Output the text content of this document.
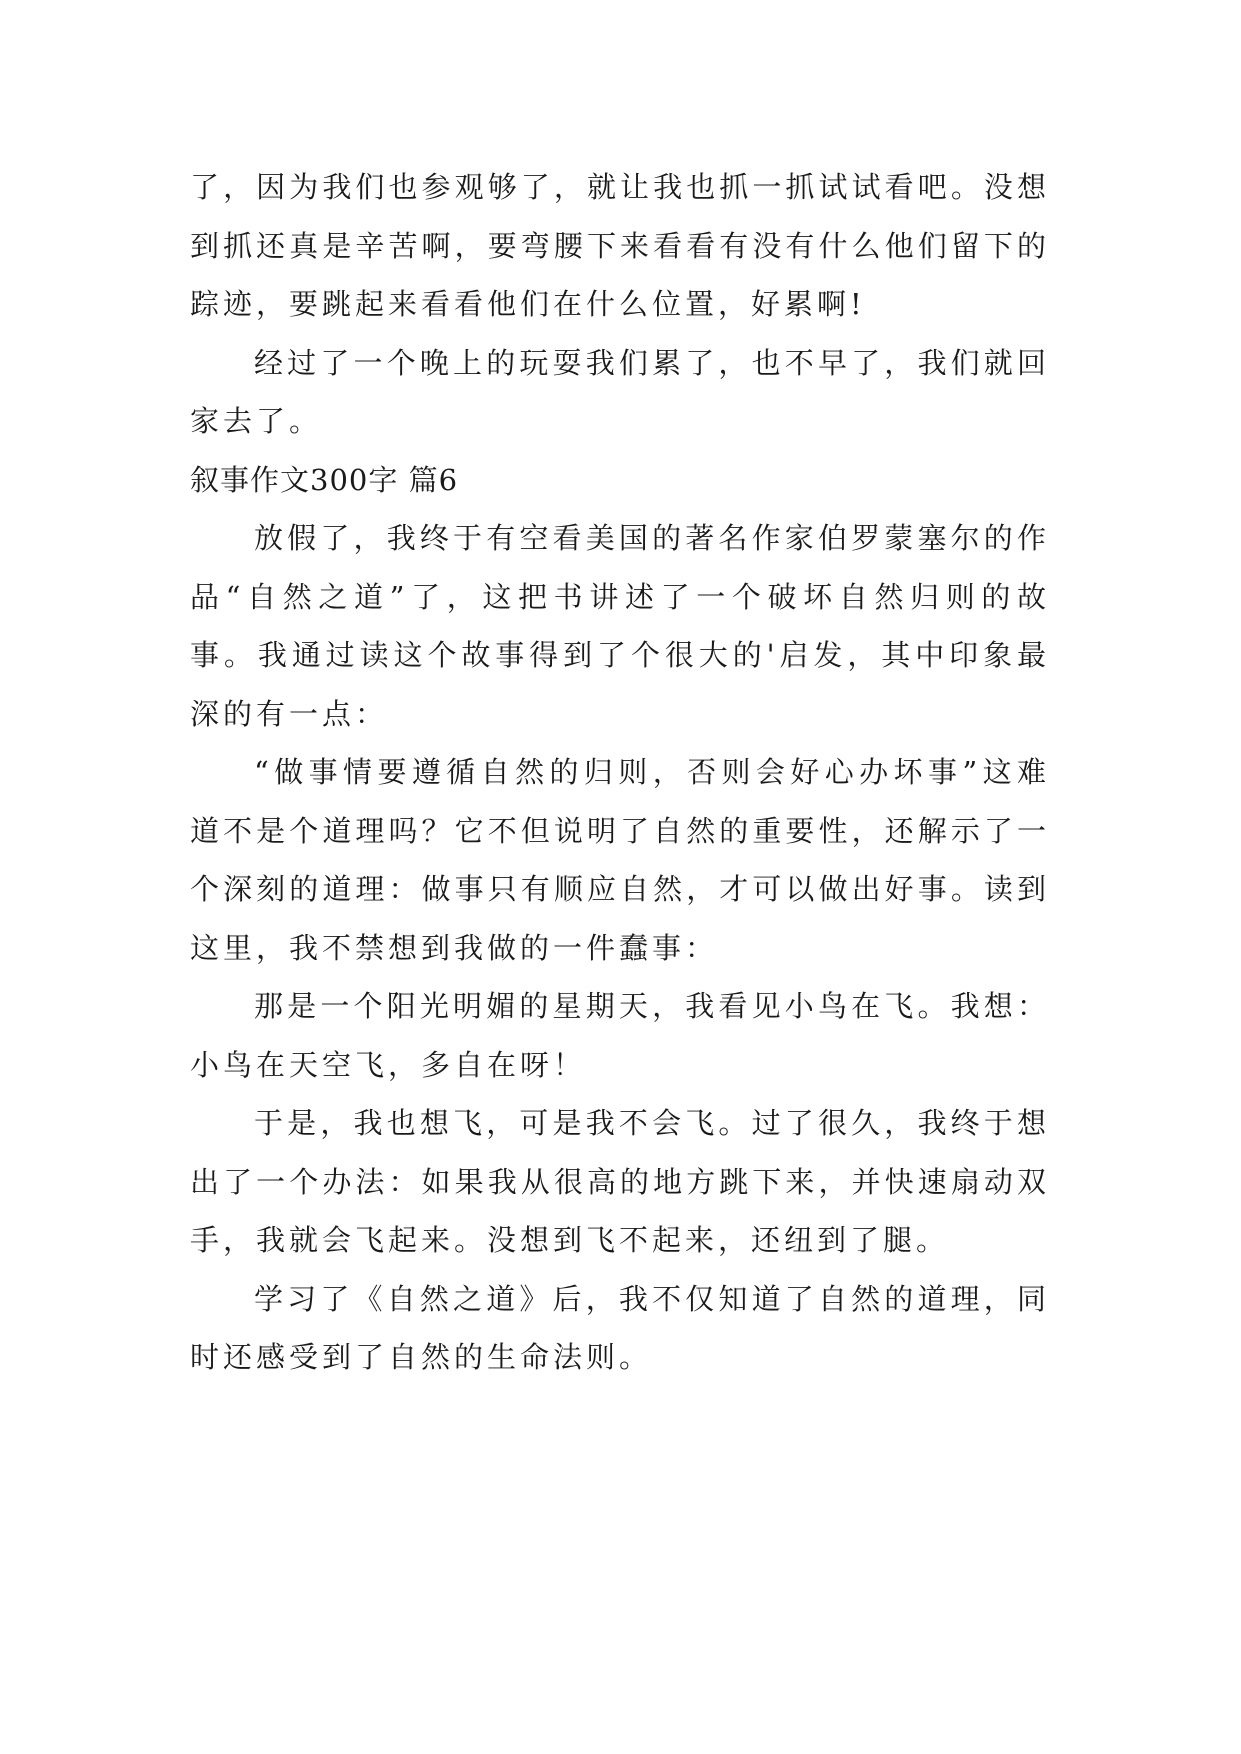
了，因为我们也参观够了，就让我也抓一抓试试看吧。没想到抓还真是辛苦啊，要弯腰下来看看有没有什么他们留下的踪迹，要跳起来看看他们在什么位置，好累啊!

经过了一个晚上的玩耍我们累了，也不早了，我们就回家去了。

叙事作文300字 篇6

放假了，我终于有空看美国的著名作家伯罗蒙塞尔的作品“自然之道”了，这把书讲述了一个破坏自然归则的故事。我通过读这个故事得到了个很大的'启发，其中印象最深的有一点：

“做事情要遵循自然的归则，否则会好心办坏事”这难道不是个道理吗？它不但说明了自然的重要性，还解示了一个深刻的道理：做事只有顺应自然，才可以做出好事。读到这里，我不禁想到我做的一件蠢事：

那是一个阳光明媚的星期天，我看见小鸟在飞。我想：小鸟在天空飞，多自在呀！

于是，我也想飞，可是我不会飞。过了很久，我终于想出了一个办法：如果我从很高的地方跳下来，并快速扇动双手，我就会飞起来。没想到飞不起来，还纽到了腿。

学习了《自然之道》后，我不仅知道了自然的道理，同时还感受到了自然的生命法则。
